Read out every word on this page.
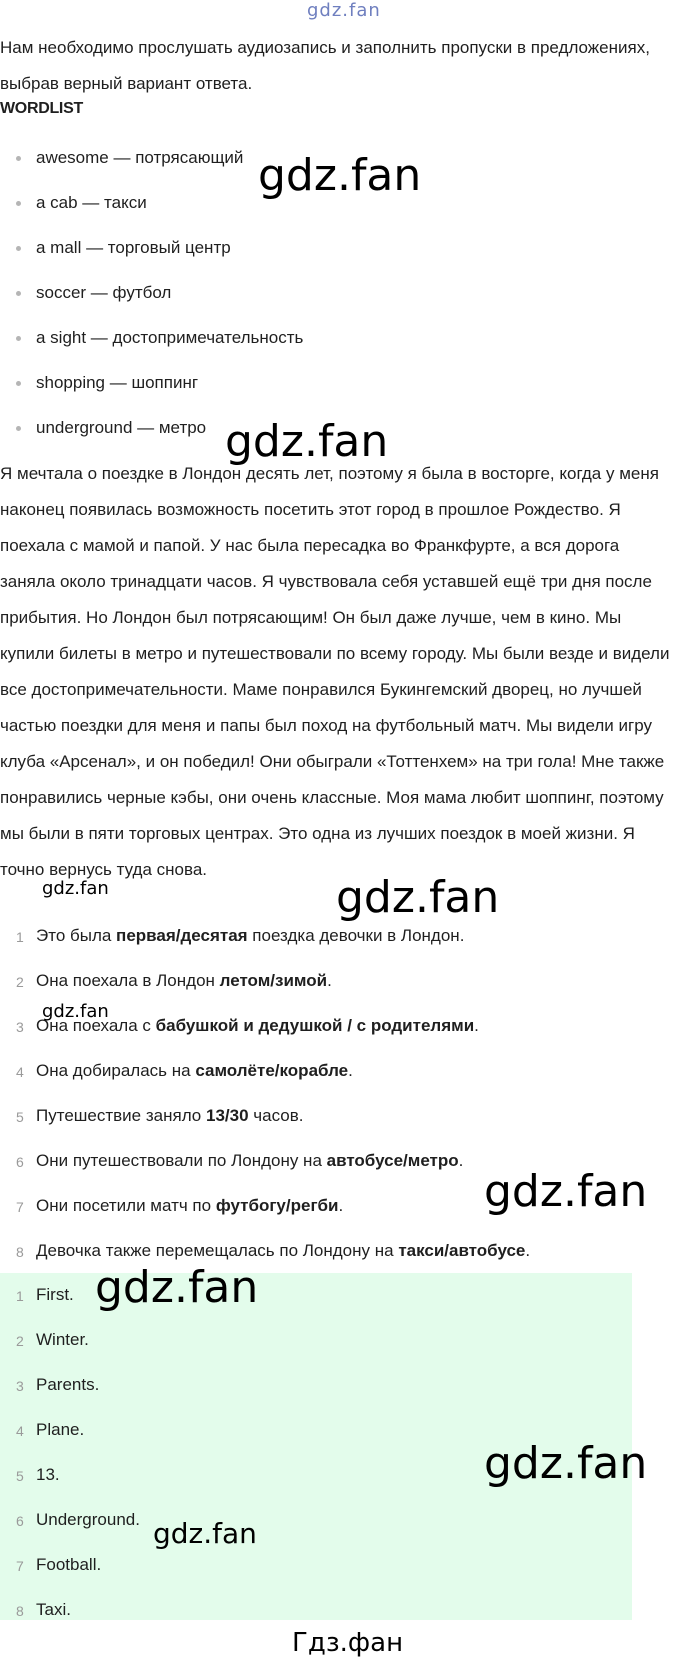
gdz.fan
Нам необходимо прослушать аудиозапись и заполнить пропуски в предложениях, выбрав верный вариант ответа.
WORDLIST
awesome — потрясающий
a cab — такси
a mall — торговый центр
soccer — футбол
a sight — достопримечательность
shopping — шоппинг
underground — метро
Я мечтала о поездке в Лондон десять лет, поэтому я была в восторге, когда у меня наконец появилась возможность посетить этот город в прошлое Рождество. Я поехала с мамой и папой. У нас была пересадка во Франкфурте, а вся дорога заняла около тринадцати часов. Я чувствовала себя уставшей ещё три дня после прибытия. Но Лондон был потрясающим! Он был даже лучше, чем в кино. Мы купили билеты в метро и путешествовали по всему городу. Мы были везде и видели все достопримечательности. Маме понравился Букингемский дворец, но лучшей частью поездки для меня и папы был поход на футбольный матч. Мы видели игру клуба «Арсенал», и он победил! Они обыграли «Тоттенхем» на три гола! Мне также понравились черные кэбы, они очень классные. Моя мама любит шоппинг, поэтому мы были в пяти торговых центрах. Это одна из лучших поездок в моей жизни. Я точно вернусь туда снова.
1 Это была первая/десятая поездка девочки в Лондон.
2 Она поехала в Лондон летом/зимой.
3 Она поехала с бабушкой и дедушкой / с родителями.
4 Она добиралась на самолёте/корабле.
5 Путешествие заняло 13/30 часов.
6 Они путешествовали по Лондону на автобусе/метро.
7 Они посетили матч по футбогу/регби.
8 Девочка также перемещалась по Лондону на такси/автобусе.
1 First.
2 Winter.
3 Parents.
4 Plane.
5 13.
6 Underground.
7 Football.
8 Taxi.
gdz.fan
gdz.fan
gdz.fan	gdz.fan
gdz.fan
gdz.fan
gdz.fan
gdz.fan
gdz.fan
Гдз.фан
